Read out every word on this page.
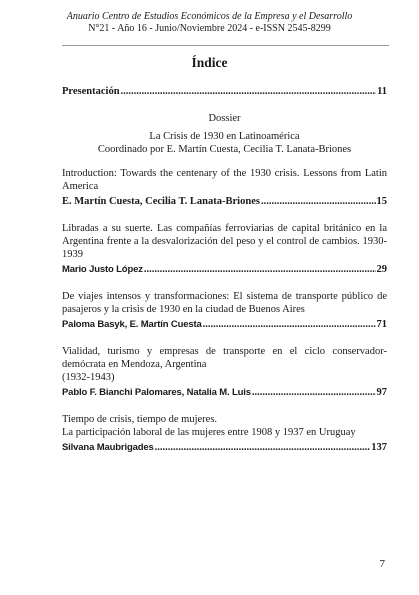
Anuario Centro de Estudios Económicos de la Empresa y el Desarrollo
N°21 - Año 16 - Junio/Noviembre 2024 - e-ISSN 2545-8299
Índice
Presentación .....	11
Dossier
La Crisis de 1930 en Latinoamérica
Coordinado por E. Martín Cuesta, Cecilia T. Lanata-Briones
Introduction: Towards the centenary of the 1930 crisis. Lessons from Latin America
E. Martín Cuesta, Cecilia T. Lanata-Briones .....	15
Libradas a su suerte. Las compañías ferroviarias de capital británico en la Argentina frente a la desvalorización del peso y el control de cambios. 1930-1939
Mario Justo López .....	29
De viajes intensos y transformaciones: El sistema de transporte público de pasajeros y la crisis de 1930 en la ciudad de Buenos Aires
Paloma Basyk, E. Martín Cuesta .....	71
Vialidad, turismo y empresas de transporte en el ciclo conservador-demócrata en Mendoza, Argentina
(1932-1943)
Pablo F. Bianchi Palomares, Natalia M. Luis .....	97
Tiempo de crisis, tiempo de mujeres.
La participación laboral de las mujeres entre 1908 y 1937 en Uruguay
Silvana Maubrigades .....	137
7
